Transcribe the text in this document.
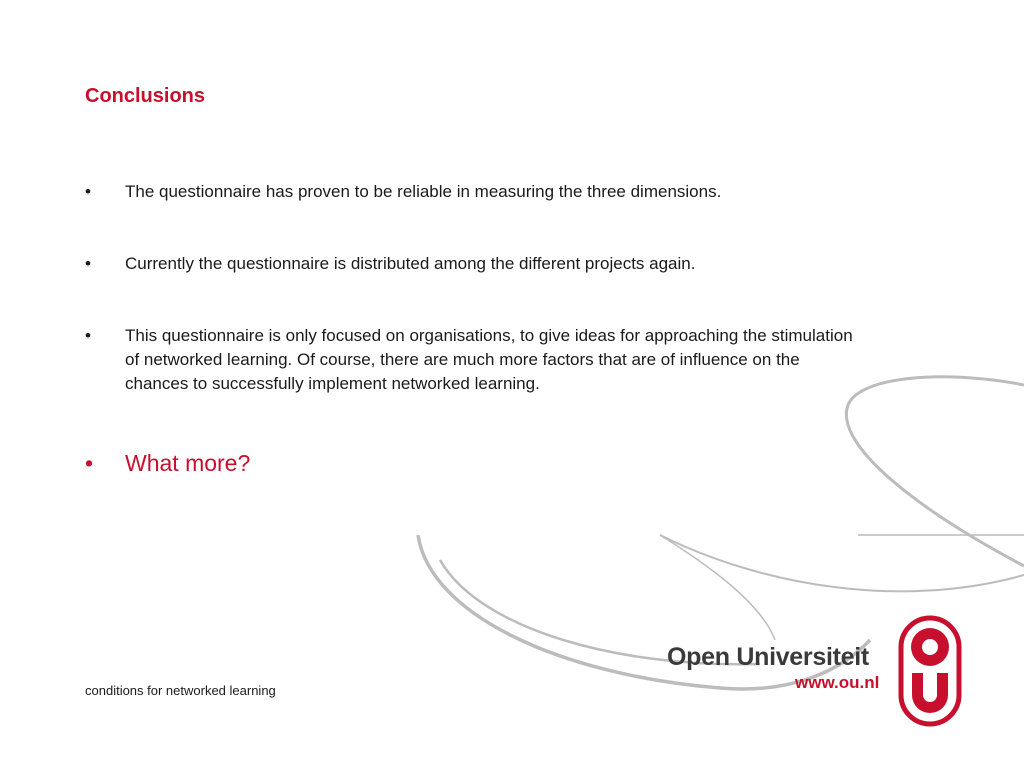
Conclusions
• The questionnaire has proven to be reliable in measuring the three dimensions.
• Currently the questionnaire is distributed among the different projects again.
• This questionnaire is only focused on organisations, to give ideas for approaching the stimulation of networked learning. Of course, there are much more factors that are of influence on the chances to successfully implement networked learning.
• What more?
conditions for networked learning
Open Universiteit
www.ou.nl
